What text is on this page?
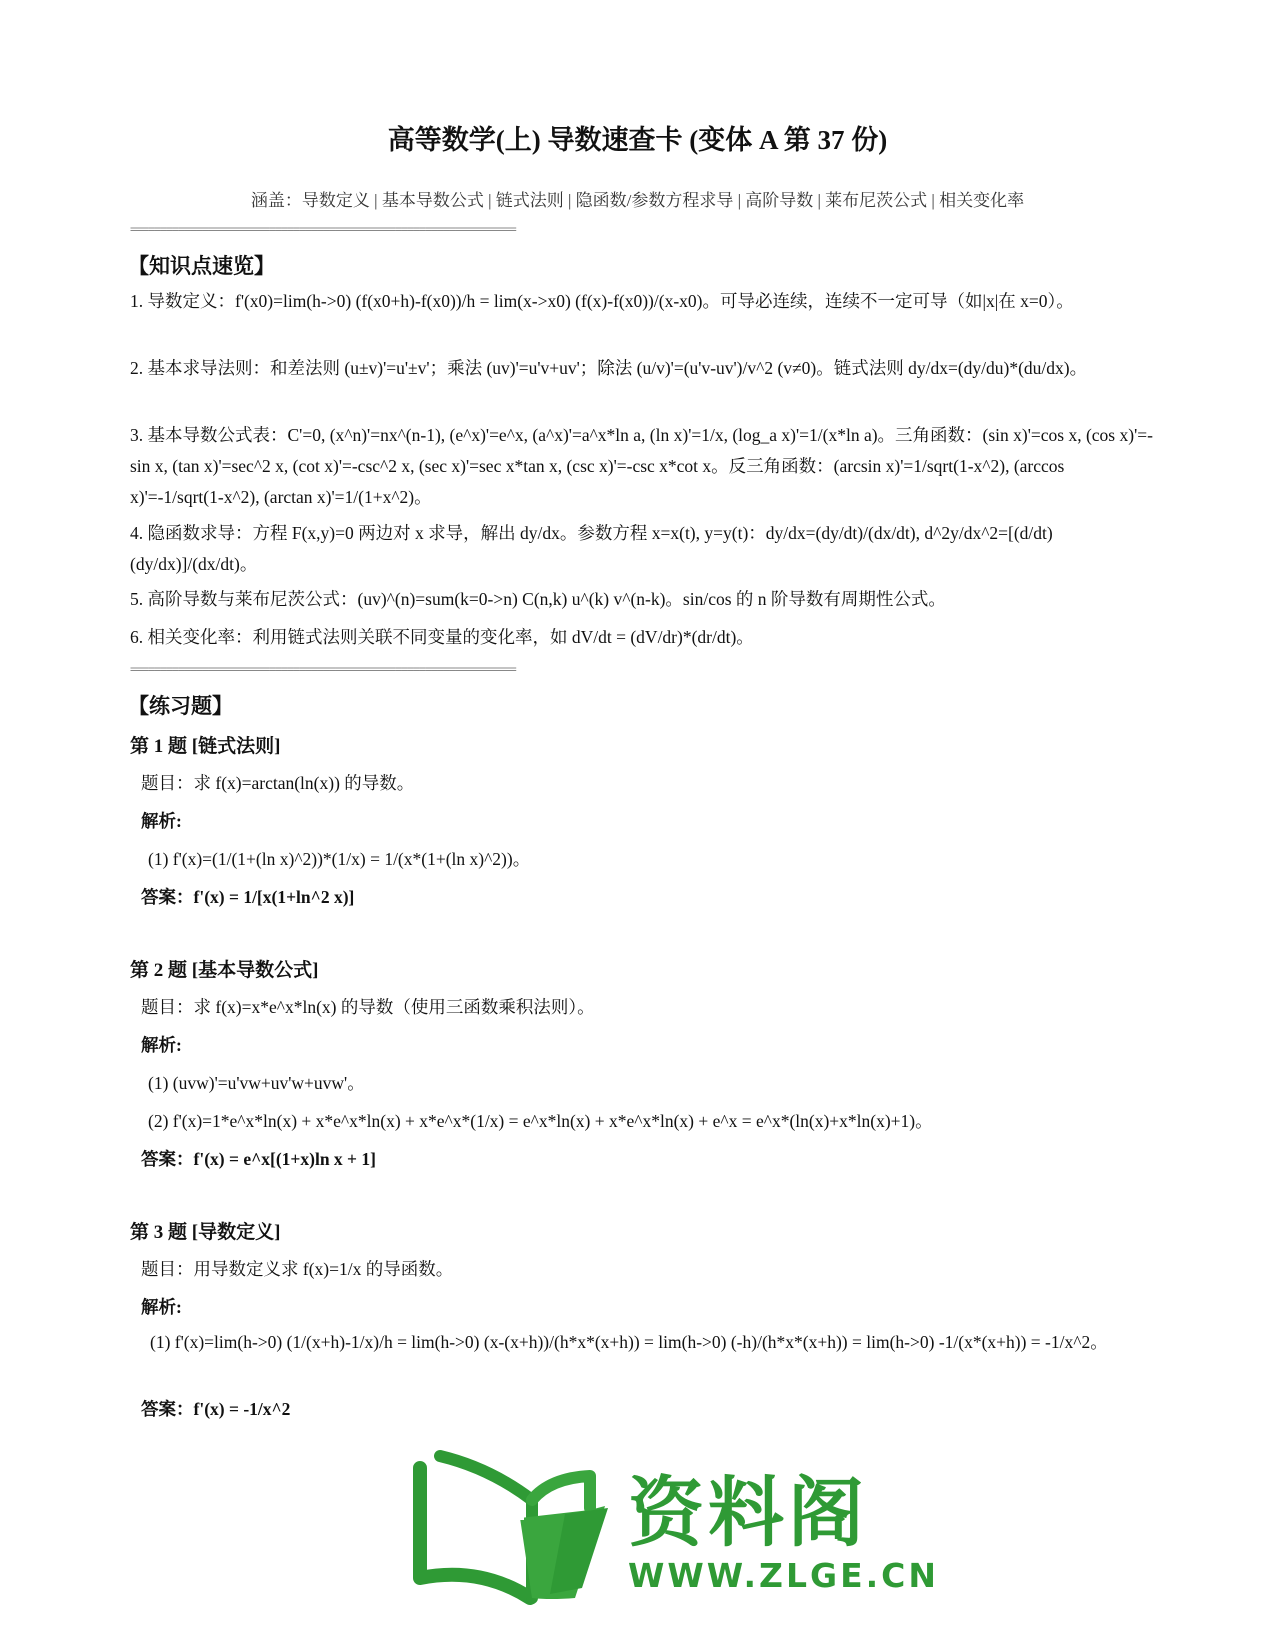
高等数学(上) 导数速查卡 (变体 A 第 37 份)
涵盖：导数定义 | 基本导数公式 | 链式法则 | 隐函数/参数方程求导 | 高阶导数 | 莱布尼茨公式 | 相关变化率
================================================================
【知识点速览】
1. 导数定义：f'(x0)=lim(h->0) (f(x0+h)-f(x0))/h = lim(x->x0) (f(x)-f(x0))/(x-x0)。可导必连续，连续不一定可导（如|x|在 x=0）。
2. 基本求导法则：和差法则 (u±v)'=u'±v'；乘法 (uv)'=u'v+uv'；除法 (u/v)'=(u'v-uv')/v^2 (v≠0)。链式法则 dy/dx=(dy/du)*(du/dx)。
3. 基本导数公式表：C'=0, (x^n)'=nx^(n-1), (e^x)'=e^x, (a^x)'=a^x*ln a, (ln x)'=1/x, (log_a x)'=1/(x*ln a)。三角函数：(sin x)'=cos x, (cos x)'=-sin x, (tan x)'=sec^2 x, (cot x)'=-csc^2 x, (sec x)'=sec x*tan x, (csc x)'=-csc x*cot x。反三角函数：(arcsin x)'=1/sqrt(1-x^2), (arccos x)'=-1/sqrt(1-x^2), (arctan x)'=1/(1+x^2)。
4. 隐函数求导：方程 F(x,y)=0 两边对 x 求导，解出 dy/dx。参数方程 x=x(t), y=y(t)：dy/dx=(dy/dt)/(dx/dt), d^2y/dx^2=[(d/dt)(dy/dx)]/(dx/dt)。
5. 高阶导数与莱布尼茨公式：(uv)^(n)=sum(k=0->n) C(n,k) u^(k) v^(n-k)。sin/cos 的 n 阶导数有周期性公式。
6. 相关变化率：利用链式法则关联不同变量的变化率，如 dV/dt = (dV/dr)*(dr/dt)。
================================================================
【练习题】
第 1 题 [链式法则]
题目：求 f(x)=arctan(ln(x)) 的导数。
解析:
(1) f'(x)=(1/(1+(ln x)^2))*(1/x) = 1/(x*(1+(ln x)^2))。
答案：f'(x) = 1/[x(1+ln^2 x)]
第 2 题 [基本导数公式]
题目：求 f(x)=x*e^x*ln(x) 的导数（使用三函数乘积法则）。
解析:
(1) (uvw)'=u'vw+uv'w+uvw'。
(2) f'(x)=1*e^x*ln(x) + x*e^x*ln(x) + x*e^x*(1/x) = e^x*ln(x) + x*e^x*ln(x) + e^x = e^x*(ln(x)+x*ln(x)+1)。
答案：f'(x) = e^x[(1+x)ln x + 1]
第 3 题 [导数定义]
题目：用导数定义求 f(x)=1/x 的导函数。
解析:
(1) f'(x)=lim(h->0) (1/(x+h)-1/x)/h = lim(h->0) (x-(x+h))/(h*x*(x+h)) = lim(h->0) (-h)/(h*x*(x+h)) = lim(h->0) -1/(x*(x+h)) = -1/x^2。
答案：f'(x) = -1/x^2
资料阁
WWW.ZLGE.CN
